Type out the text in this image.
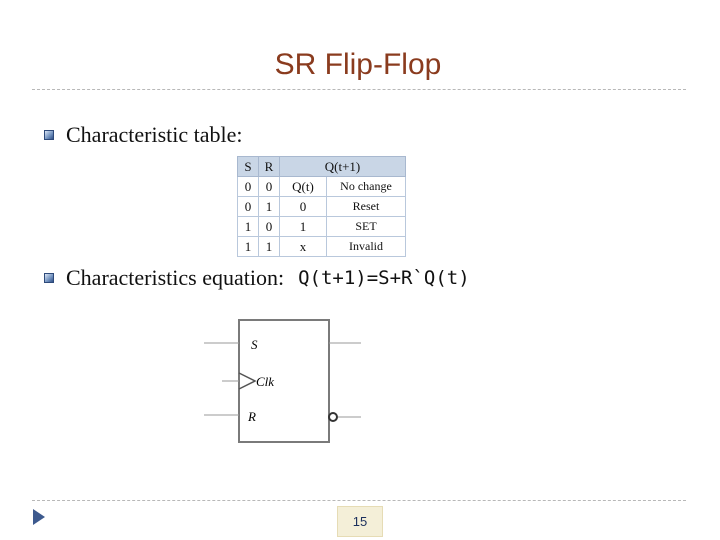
SR Flip-Flop
Characteristic table:
S	R	Q(t+1)	
0	0	Q(t)	No change
0	1	0	Reset
1	0	1	SET
1	1	x	Invalid
Characteristics equation: Q(t+1)=S+R`Q(t)
S
Clk
R
15
